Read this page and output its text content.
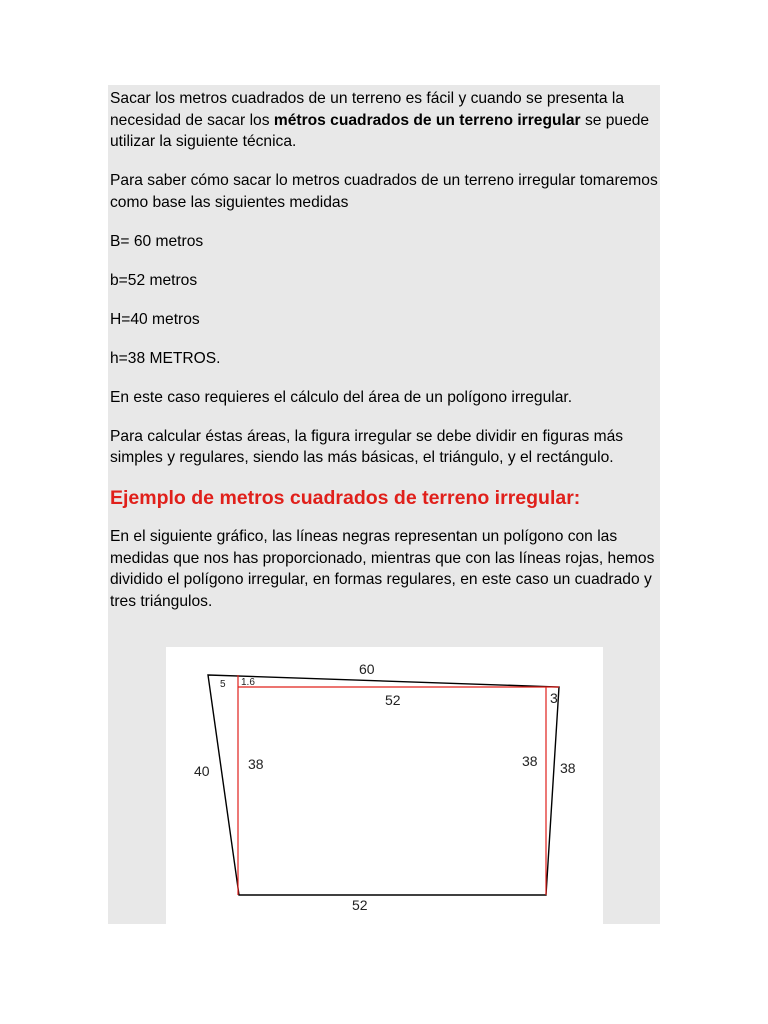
Sacar los metros cuadrados de un terreno es fácil y cuando se presenta la necesidad de sacar los métros cuadrados de un terreno irregular se puede utilizar la siguiente técnica.

Para saber cómo sacar lo metros cuadrados de un terreno irregular tomaremos como base las siguientes medidas

B= 60 metros

b=52 metros

H=40 metros

h=38 METROS.

En este caso requieres el cálculo del área de un polígono irregular.

Para calcular éstas áreas, la figura irregular se debe dividir en figuras más simples y regulares, siendo las más básicas, el triángulo, y el rectángulo.

Ejemplo de metros cuadrados de terreno irregular:

En el siguiente gráfico, las líneas negras representan un polígono con las medidas que nos has proporcionado, mientras que con las líneas rojas, hemos dividido el polígono irregular, en formas regulares, en este caso un cuadrado y tres triángulos.

60
52
5 1.6
3
40	38	38 38
52
